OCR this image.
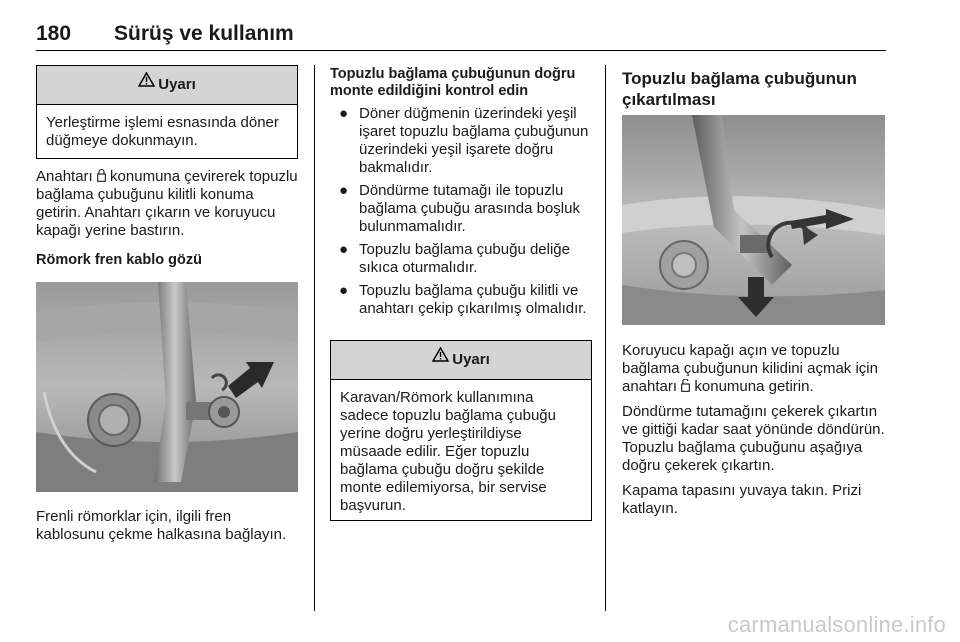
180 Sürüş ve kullanım
Uyarı
Yerleştirme işlemi esnasında döner düğmeye dokunmayın.

Anahtarı  konumuna çevirerek topuzlu bağlama çubuğunu kilitli konuma getirin. Anahtarı çıkarın ve koruyucu kapağı yerine bastırın.

Römork fren kablo gözü

Frenli römorklar için, ilgili fren kablosunu çekme halkasına bağlayın.

Topuzlu bağlama çubuğunun doğru monte edildiğini kontrol edin

● Döner düğmenin üzerindeki yeşil işaret topuzlu bağlama çubuğunun üzerindeki yeşil işarete doğru bakmalıdır.
● Döndürme tutamağı ile topuzlu bağlama çubuğu arasında boşluk bulunmamalıdır.
● Topuzlu bağlama çubuğu deliğe sıkıca oturmalıdır.
● Topuzlu bağlama çubuğu kilitli ve anahtarı çekip çıkarılmış olmalıdır.
Uyarı
Karavan/Römork kullanımına sadece topuzlu bağlama çubuğu yerine doğru yerleştirildiyse müsaade edilir. Eğer topuzlu bağlama çubuğu doğru şekilde monte edilemiyorsa, bir servise başvurun.
Topuzlu bağlama çubuğunun çıkartılması

Koruyucu kapağı açın ve topuzlu bağlama çubuğunun kilidini açmak için anahtarı  konumuna getirin.

Döndürme tutamağını çekerek çıkartın ve gittiği kadar saat yönünde döndürün. Topuzlu bağlama çubuğunu aşağıya doğru çekerek çıkartın.

Kapama tapasını yuvaya takın. Prizi katlayın.

carmanualsonline.info
